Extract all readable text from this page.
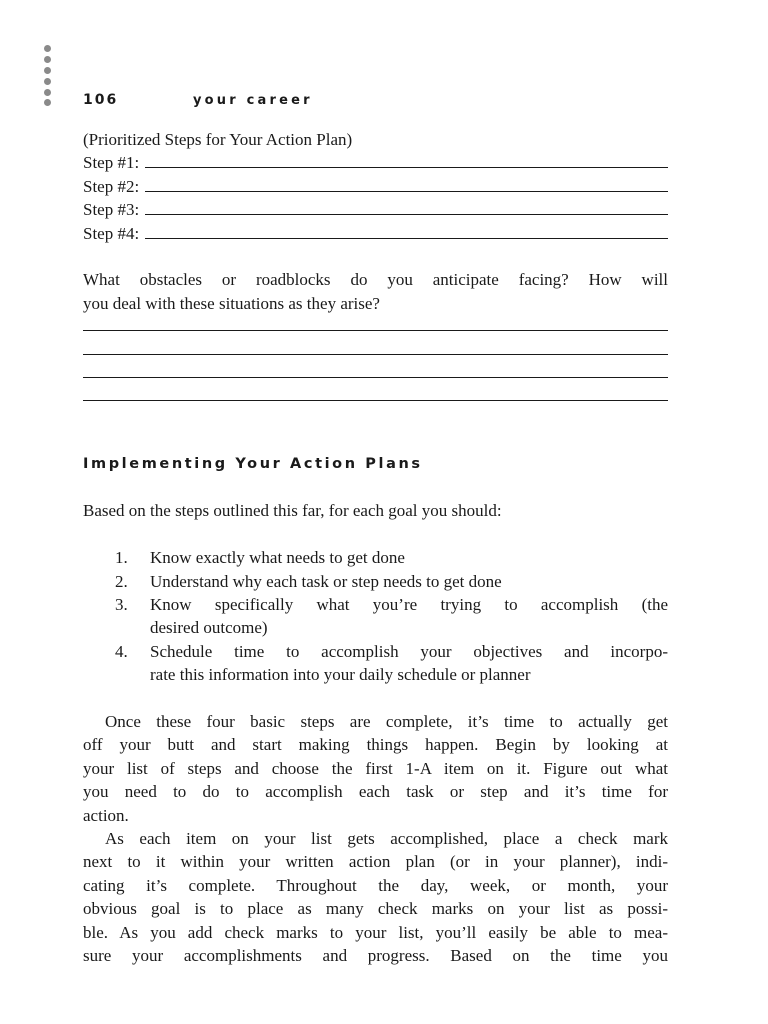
106	your career
(Prioritized Steps for Your Action Plan)
Step #1:
Step #2:
Step #3:
Step #4:
What obstacles or roadblocks do you anticipate facing? How will
you deal with these situations as they arise?
Implementing Your Action Plans
Based on the steps outlined this far, for each goal you should:
1.	Know exactly what needs to get done
2.	Understand why each task or step needs to get done
3.	Know specifically what you’re trying to accomplish (the
desired outcome)
4.	Schedule time to accomplish your objectives and incorpo-
rate this information into your daily schedule or planner
Once these four basic steps are complete, it’s time to actually get
off your butt and start making things happen. Begin by looking at
your list of steps and choose the first 1-A item on it. Figure out what
you need to do to accomplish each task or step and it’s time for
action.
As each item on your list gets accomplished, place a check mark
next to it within your written action plan (or in your planner), indi-
cating it’s complete. Throughout the day, week, or month, your
obvious goal is to place as many check marks on your list as possi-
ble. As you add check marks to your list, you’ll easily be able to mea-
sure your accomplishments and progress. Based on the time you
